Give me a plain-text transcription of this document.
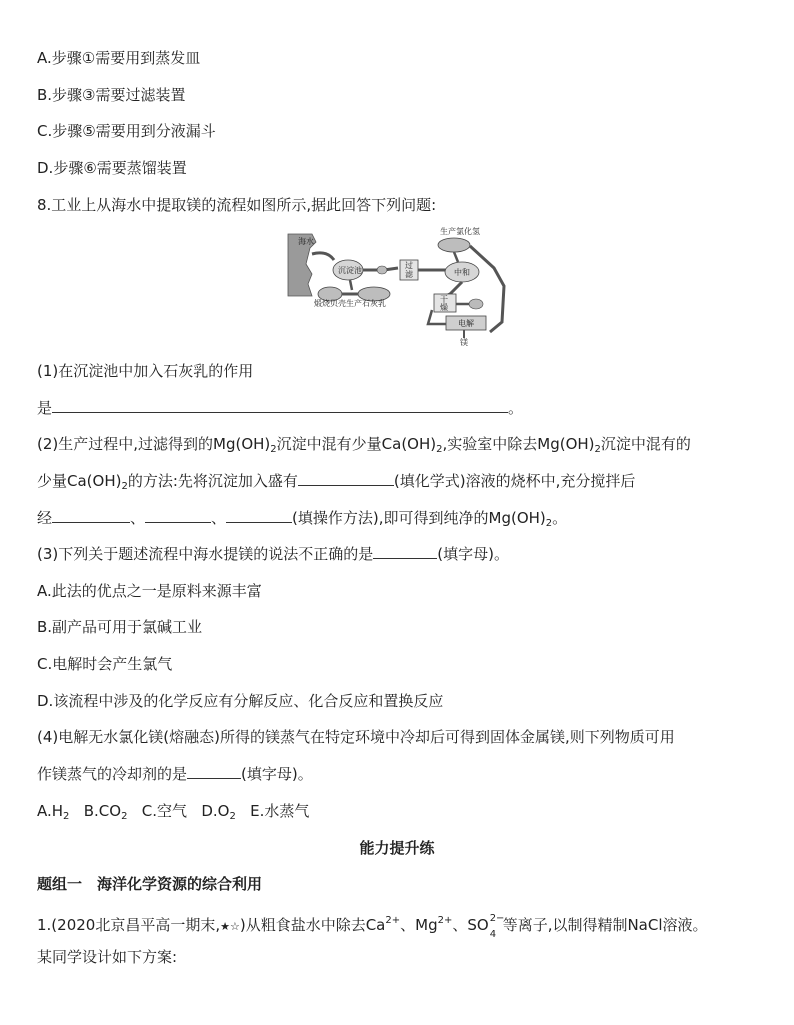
A.步骤①需要用到蒸发皿
B.步骤③需要过滤装置
C.步骤⑤需要用到分液漏斗
D.步骤⑥需要蒸馏装置
8.工业上从海水中提取镁的流程如图所示,据此回答下列问题:
海水
沉淀池
过
滤	中和
干
燥
电解
镁
生产氯化氢
煅烧贝壳生产石灰乳
(1)在沉淀池中加入石灰乳的作用
是	。
(2)生产过程中,过滤得到的$Mg(OH)_2$沉淀中混有少量$Ca(OH)_2$,实验室中除去$Mg(OH)_2$沉淀中混有的
少量$Ca(OH)_2$的方法:先将沉淀加入盛有	(填化学式)溶液的烧杯中,充分搅拌后
经	、	、	(填操作方法),即可得到纯净的$Mg(OH)_2$。
(3)下列关于题述流程中海水提镁的说法不正确的是	(填字母)。
A.此法的优点之一是原料来源丰富
B.副产品可用于氯碱工业
C.电解时会产生氯气
D.该流程中涉及的化学反应有分解反应、化合反应和置换反应
(4)电解无水氯化镁(熔融态)所得的镁蒸气在特定环境中冷却后可得到固体金属镁,则下列物质可用
作镁蒸气的冷却剂的是	(填字母)。
$A.H_2$ $B.CO_2$ C.空气 $D.O_2$ E.水蒸气
能力提升练
题组一　海洋化学资源的综合利用
1.(2020北京昌平高一期末,★☆)从粗食盐水中除去$Ca^{2+}$、$Mg^{2+}$、SO 2−
4
等离子,以制得精制NaCl溶液。
某同学设计如下方案:
